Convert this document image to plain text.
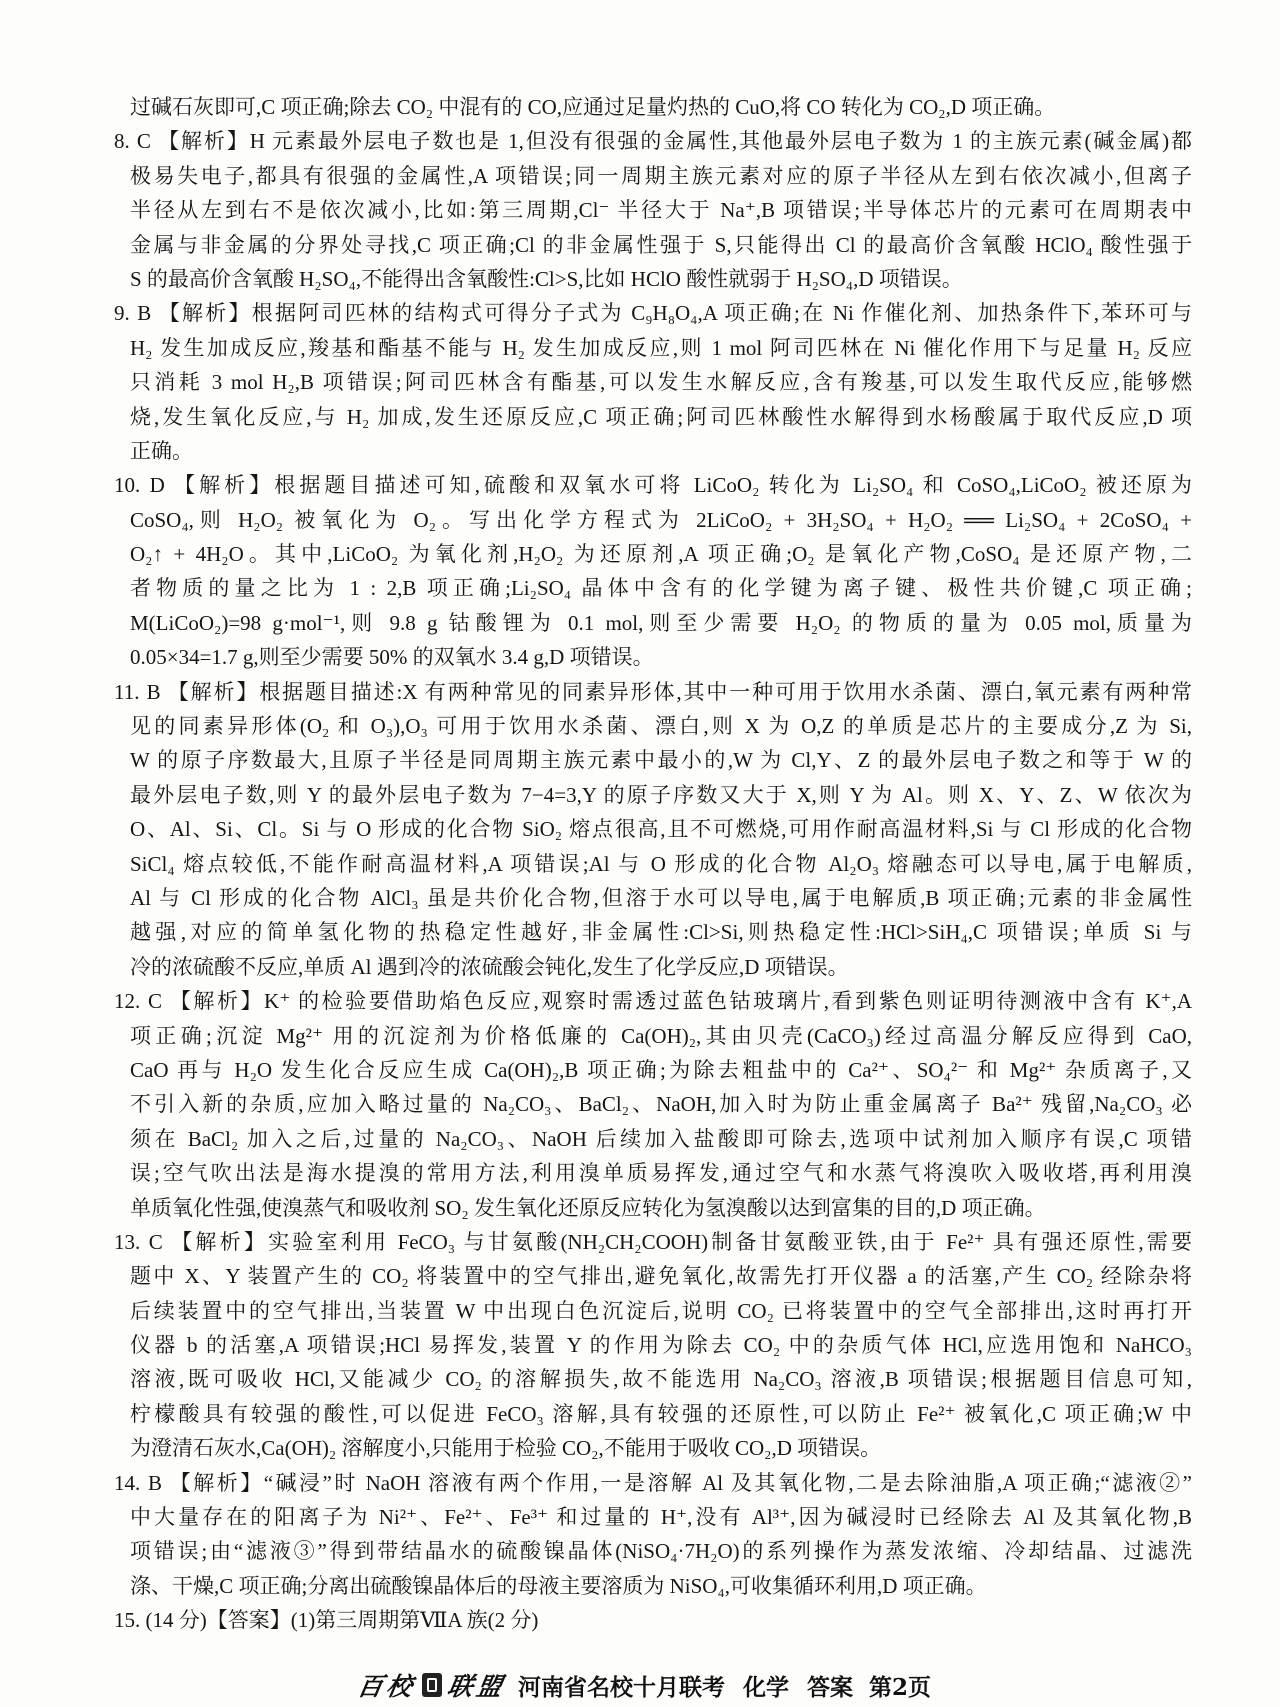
过碱石灰即可,C 项正确;除去 CO₂ 中混有的 CO,应通过足量灼热的 CuO,将 CO 转化为 CO₂,D 项正确。
8. C 【解析】H 元素最外层电子数也是 1,但没有很强的金属性,其他最外层电子数为 1 的主族元素(碱金属)都
极易失电子,都具有很强的金属性,A 项错误;同一周期主族元素对应的原子半径从左到右依次减小,但离子
半径从左到右不是依次减小,比如:第三周期,Cl⁻ 半径大于 Na⁺,B 项错误;半导体芯片的元素可在周期表中
金属与非金属的分界处寻找,C 项正确;Cl 的非金属性强于 S,只能得出 Cl 的最高价含氧酸 HClO₄ 酸性强于
S 的最高价含氧酸 H₂SO₄,不能得出含氧酸性:Cl>S,比如 HClO 酸性就弱于 H₂SO₄,D 项错误。
9. B 【解析】根据阿司匹林的结构式可得分子式为 C₉H₈O₄,A 项正确;在 Ni 作催化剂、加热条件下,苯环可与
H₂ 发生加成反应,羧基和酯基不能与 H₂ 发生加成反应,则 1 mol 阿司匹林在 Ni 催化作用下与足量 H₂ 反应
只消耗 3 mol H₂,B 项错误;阿司匹林含有酯基,可以发生水解反应,含有羧基,可以发生取代反应,能够燃
烧,发生氧化反应,与 H₂ 加成,发生还原反应,C 项正确;阿司匹林酸性水解得到水杨酸属于取代反应,D 项
正确。
10. D 【解析】根据题目描述可知,硫酸和双氧水可将 LiCoO₂ 转化为 Li₂SO₄ 和 CoSO₄,LiCoO₂ 被还原为
CoSO₄,则 H₂O₂ 被氧化为 O₂。写出化学方程式为 2LiCoO₂ + 3H₂SO₄ + H₂O₂ ══ Li₂SO₄ + 2CoSO₄ +
O₂↑ + 4H₂O。其中,LiCoO₂ 为氧化剂,H₂O₂ 为还原剂,A 项正确;O₂ 是氧化产物,CoSO₄ 是还原产物,二
者物质的量之比为 1 : 2,B 项正确;Li₂SO₄ 晶体中含有的化学键为离子键、极性共价键,C 项正确;
M(LiCoO₂)=98 g·mol⁻¹,则 9.8 g 钴酸锂为 0.1 mol,则至少需要 H₂O₂ 的物质的量为 0.05 mol,质量为
0.05×34=1.7 g,则至少需要 50% 的双氧水 3.4 g,D 项错误。
11. B 【解析】根据题目描述:X 有两种常见的同素异形体,其中一种可用于饮用水杀菌、漂白,氧元素有两种常
见的同素异形体(O₂ 和 O₃),O₃ 可用于饮用水杀菌、漂白,则 X 为 O,Z 的单质是芯片的主要成分,Z 为 Si,
W 的原子序数最大,且原子半径是同周期主族元素中最小的,W 为 Cl,Y、Z 的最外层电子数之和等于 W 的
最外层电子数,则 Y 的最外层电子数为 7−4=3,Y 的原子序数又大于 X,则 Y 为 Al。则 X、Y、Z、W 依次为
O、Al、Si、Cl。Si 与 O 形成的化合物 SiO₂ 熔点很高,且不可燃烧,可用作耐高温材料,Si 与 Cl 形成的化合物
SiCl₄ 熔点较低,不能作耐高温材料,A 项错误;Al 与 O 形成的化合物 Al₂O₃ 熔融态可以导电,属于电解质,
Al 与 Cl 形成的化合物 AlCl₃ 虽是共价化合物,但溶于水可以导电,属于电解质,B 项正确;元素的非金属性
越强,对应的简单氢化物的热稳定性越好,非金属性:Cl>Si,则热稳定性:HCl>SiH₄,C 项错误;单质 Si 与
冷的浓硫酸不反应,单质 Al 遇到冷的浓硫酸会钝化,发生了化学反应,D 项错误。
12. C 【解析】K⁺ 的检验要借助焰色反应,观察时需透过蓝色钴玻璃片,看到紫色则证明待测液中含有 K⁺,A
项正确;沉淀 Mg²⁺ 用的沉淀剂为价格低廉的 Ca(OH)₂,其由贝壳(CaCO₃)经过高温分解反应得到 CaO,
CaO 再与 H₂O 发生化合反应生成 Ca(OH)₂,B 项正确;为除去粗盐中的 Ca²⁺、SO₄²⁻ 和 Mg²⁺ 杂质离子,又
不引入新的杂质,应加入略过量的 Na₂CO₃、BaCl₂、NaOH,加入时为防止重金属离子 Ba²⁺ 残留,Na₂CO₃ 必
须在 BaCl₂ 加入之后,过量的 Na₂CO₃、NaOH 后续加入盐酸即可除去,选项中试剂加入顺序有误,C 项错
误;空气吹出法是海水提溴的常用方法,利用溴单质易挥发,通过空气和水蒸气将溴吹入吸收塔,再利用溴
单质氧化性强,使溴蒸气和吸收剂 SO₂ 发生氧化还原反应转化为氢溴酸以达到富集的目的,D 项正确。
13. C 【解析】实验室利用 FeCO₃ 与甘氨酸(NH₂CH₂COOH)制备甘氨酸亚铁,由于 Fe²⁺ 具有强还原性,需要
题中 X、Y 装置产生的 CO₂ 将装置中的空气排出,避免氧化,故需先打开仪器 a 的活塞,产生 CO₂ 经除杂将
后续装置中的空气排出,当装置 W 中出现白色沉淀后,说明 CO₂ 已将装置中的空气全部排出,这时再打开
仪器 b 的活塞,A 项错误;HCl 易挥发,装置 Y 的作用为除去 CO₂ 中的杂质气体 HCl,应选用饱和 NaHCO₃
溶液,既可吸收 HCl,又能减少 CO₂ 的溶解损失,故不能选用 Na₂CO₃ 溶液,B 项错误;根据题目信息可知,
柠檬酸具有较强的酸性,可以促进 FeCO₃ 溶解,具有较强的还原性,可以防止 Fe²⁺ 被氧化,C 项正确;W 中
为澄清石灰水,Ca(OH)₂ 溶解度小,只能用于检验 CO₂,不能用于吸收 CO₂,D 项错误。
14. B 【解析】“碱浸”时 NaOH 溶液有两个作用,一是溶解 Al 及其氧化物,二是去除油脂,A 项正确;“滤液②”
中大量存在的阳离子为 Ni²⁺、Fe²⁺、Fe³⁺ 和过量的 H⁺,没有 Al³⁺,因为碱浸时已经除去 Al 及其氧化物,B
项错误;由“滤液③”得到带结晶水的硫酸镍晶体(NiSO₄·7H₂O)的系列操作为蒸发浓缩、冷却结晶、过滤洗
涤、干燥,C 项正确;分离出硫酸镍晶体后的母液主要溶质为 NiSO₄,可收集循环利用,D 项正确。
15. (14 分)【答案】(1)第三周期第ⅦA 族(2 分)
百校 联盟 河南省名校十月联考 化学 答案 第2页
